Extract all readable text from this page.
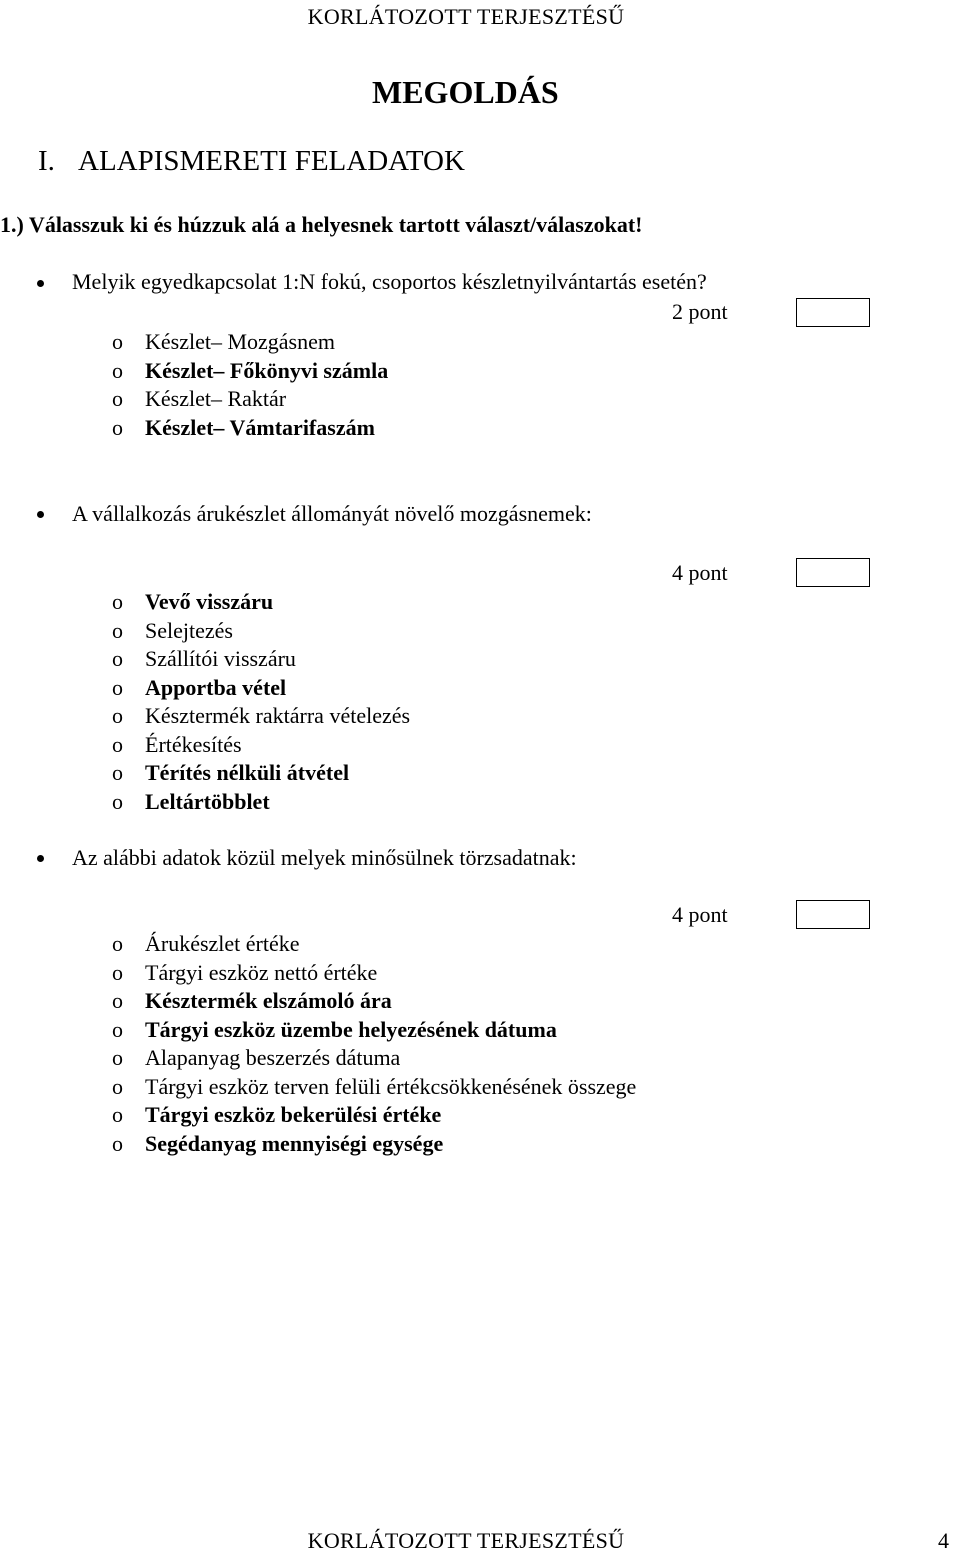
KORLÁTOZOTT TERJESZTÉSŰ
MEGOLDÁS
I. ALAPISMERETI FELADATOK
1.) Válasszuk ki és húzzuk alá a helyesnek tartott választ/válaszokat!
Melyik egyedkapcsolat 1:N fokú, csoportos készletnyilvántartás esetén?
2 pont
o Készlet– Mozgásnem
o Készlet– Főkönyvi számla
o Készlet– Raktár
o Készlet– Vámtarifaszám
A vállalkozás árukészlet állományát növelő mozgásnemek:
4 pont
o Vevő visszáru
o Selejtezés
o Szállítói visszáru
o Apportba vétel
o Késztermék raktárra vételezés
o Értékesítés
o Térítés nélküli átvétel
o Leltártöbblet
Az alábbi adatok közül melyek minősülnek törzsadatnak:
4 pont
o Árukészlet értéke
o Tárgyi eszköz nettó értéke
o Késztermék elszámoló ára
o Tárgyi eszköz üzembe helyezésének dátuma
o Alapanyag beszerzés dátuma
o Tárgyi eszköz terven felüli értékcsökkenésének összege
o Tárgyi eszköz bekerülési értéke
o Segédanyag mennyiségi egysége
KORLÁTOZOTT TERJESZTÉSŰ	4
